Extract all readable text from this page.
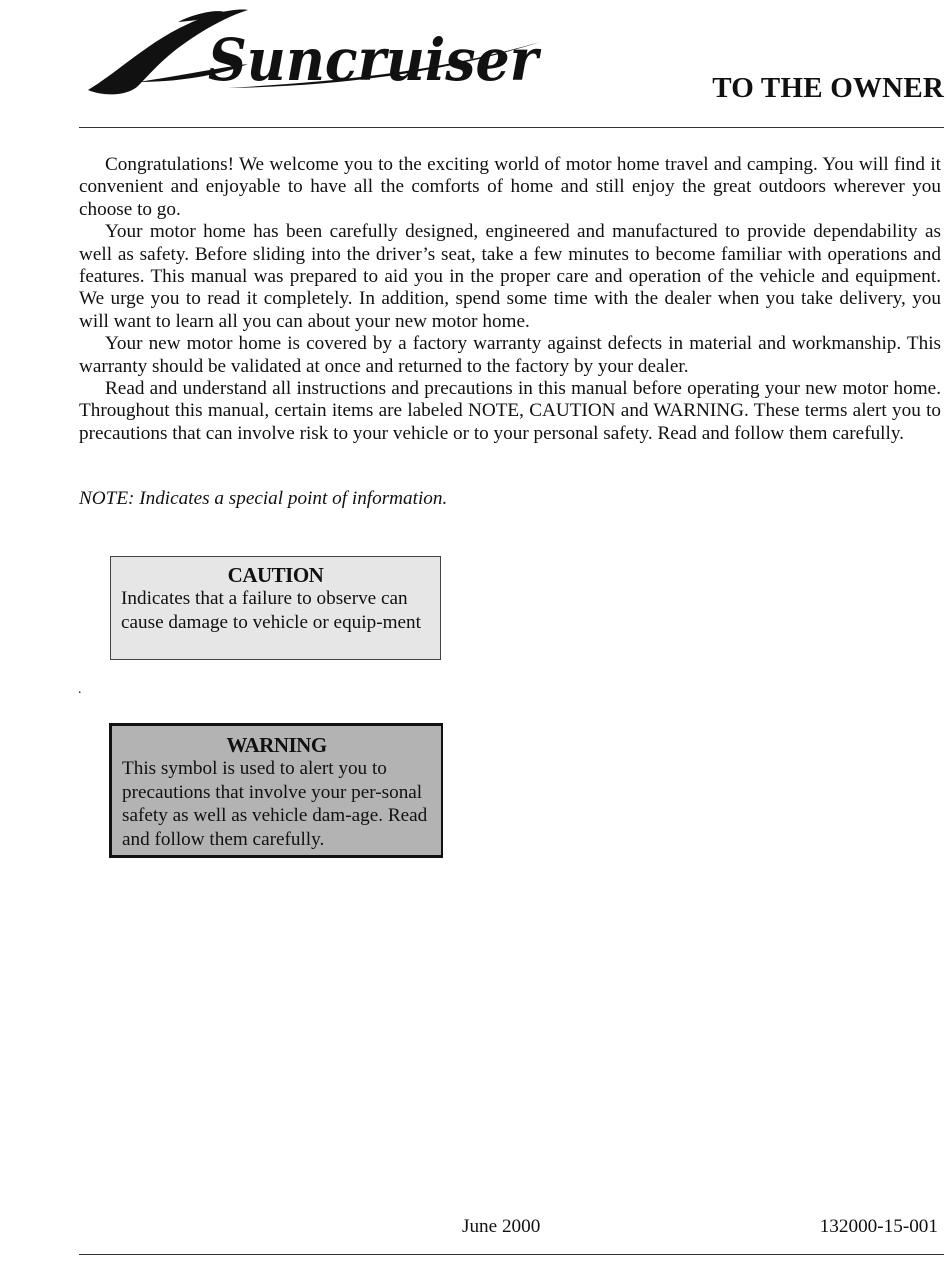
Suncruiser	TO THE OWNER

Congratulations! We welcome you to the exciting world of motor home travel and camping. You will find it convenient and enjoyable to have all the comforts of home and still enjoy the great outdoors wherever you choose to go.

Your motor home has been carefully designed, engineered and manufactured to provide dependability as well as safety. Before sliding into the driver’s seat, take a few minutes to become familiar with operations and features. This manual was prepared to aid you in the proper care and operation of the vehicle and equipment. We urge you to read it completely. In addition, spend some time with the dealer when you take delivery, you will want to learn all you can about your new motor home.

Your new motor home is covered by a factory warranty against defects in material and workmanship. This warranty should be validated at once and returned to the factory by your dealer.

Read and understand all instructions and precautions in this manual before operating your new motor home. Throughout this manual, certain items are labeled NOTE, CAUTION and WARNING. These terms alert you to precautions that can involve risk to your vehicle or to your personal safety. Read and follow them carefully.

NOTE: Indicates a special point of information.
CAUTION
Indicates that a failure to observe can cause damage to vehicle or equip-ment
.
WARNING
This symbol is used to alert you to precautions that involve your per-sonal safety as well as vehicle dam-age. Read and follow them carefully.
June 2000	132000-15-001
